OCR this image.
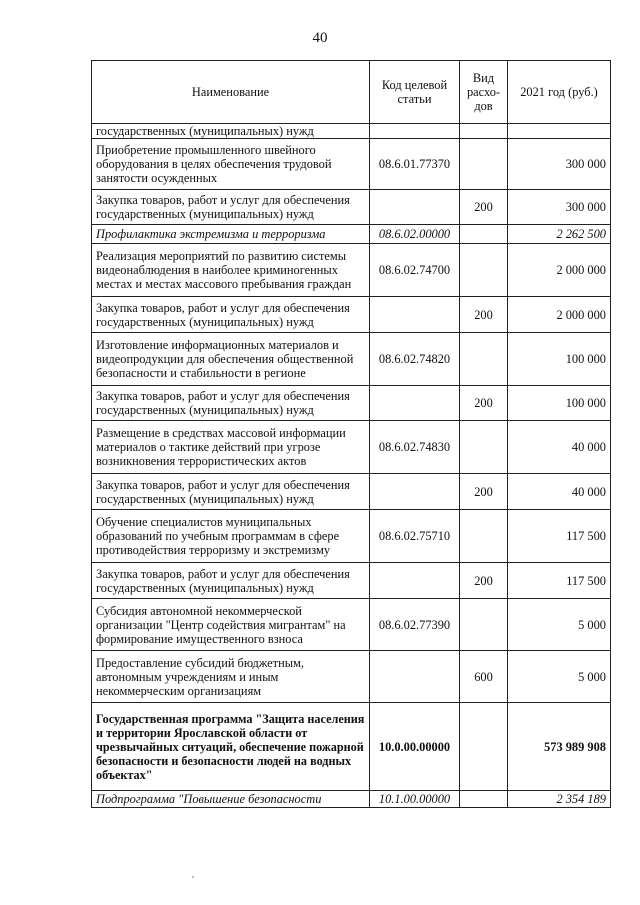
40
Наименование	Код целевой статьи	Вид расхо-дов	2021 год (руб.)
государственных (муниципальных) нужд			
Приобретение промышленного швейного оборудования в целях обеспечения трудовой занятости осужденных	08.6.01.77370		300 000
Закупка товаров, работ и услуг для обеспечения государственных (муниципальных) нужд		200	300 000
Профилактика экстремизма и терроризма	08.6.02.00000		2 262 500
Реализация мероприятий по развитию системы видеонаблюдения в наиболее криминогенных местах и местах массового пребывания граждан	08.6.02.74700		2 000 000
Закупка товаров, работ и услуг для обеспечения государственных (муниципальных) нужд		200	2 000 000
Изготовление информационных материалов и видеопродукции для обеспечения общественной безопасности и стабильности в регионе	08.6.02.74820		100 000
Закупка товаров, работ и услуг для обеспечения государственных (муниципальных) нужд		200	100 000
Размещение в средствах массовой информации материалов о тактике действий при угрозе возникновения террористических актов	08.6.02.74830		40 000
Закупка товаров, работ и услуг для обеспечения государственных (муниципальных) нужд		200	40 000
Обучение специалистов муниципальных образований по учебным программам в сфере противодействия терроризму и экстремизму	08.6.02.75710		117 500
Закупка товаров, работ и услуг для обеспечения государственных (муниципальных) нужд		200	117 500
Субсидия автономной некоммерческой организации "Центр содействия мигрантам" на формирование имущественного взноса	08.6.02.77390		5 000
Предоставление субсидий бюджетным, автономным учреждениям и иным некоммерческим организациям		600	5 000
Государственная программа "Защита населения и территории Ярославской области от чрезвычайных ситуаций, обеспечение пожарной безопасности и безопасности людей на водных объектах"	10.0.00.00000		573 989 908
Подпрограмма "Повышение безопасности	10.1.00.00000		2 354 189
